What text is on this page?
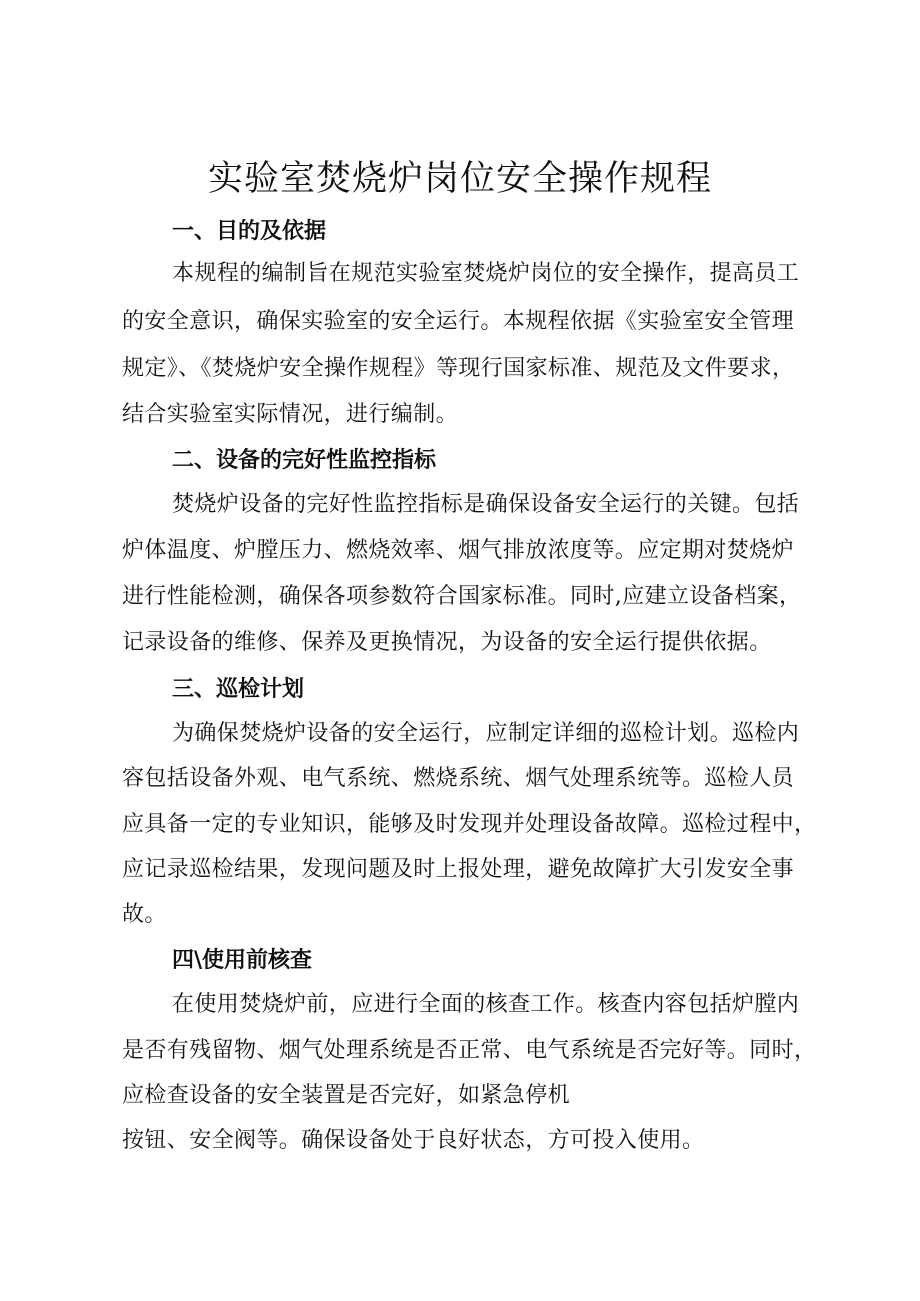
实验室焚烧炉岗位安全操作规程
一、目的及依据

本规程的编制旨在规范实验室焚烧炉岗位的安全操作，提高员工

的安全意识，确保实验室的安全运行。本规程依据《实验室安全管理

规定》、《焚烧炉安全操作规程》等现行国家标准、规范及文件要求，

结合实验室实际情况，进行编制。

二、设备的完好性监控指标

焚烧炉设备的完好性监控指标是确保设备安全运行的关键。包括

炉体温度、炉膛压力、燃烧效率、烟气排放浓度等。应定期对焚烧炉

进行性能检测，确保各项参数符合国家标准。同时,应建立设备档案，

记录设备的维修、保养及更换情况，为设备的安全运行提供依据。

三、巡检计划

为确保焚烧炉设备的安全运行，应制定详细的巡检计划。巡检内

容包括设备外观、电气系统、燃烧系统、烟气处理系统等。巡检人员

应具备一定的专业知识，能够及时发现并处理设备故障。巡检过程中，

应记录巡检结果，发现问题及时上报处理，避免故障扩大引发安全事

故。

四\使用前核查

在使用焚烧炉前，应进行全面的核查工作。核查内容包括炉膛内

是否有残留物、烟气处理系统是否正常、电气系统是否完好等。同时，

应检查设备的安全装置是否完好，如紧急停机

按钮、安全阀等。确保设备处于良好状态，方可投入使用。
